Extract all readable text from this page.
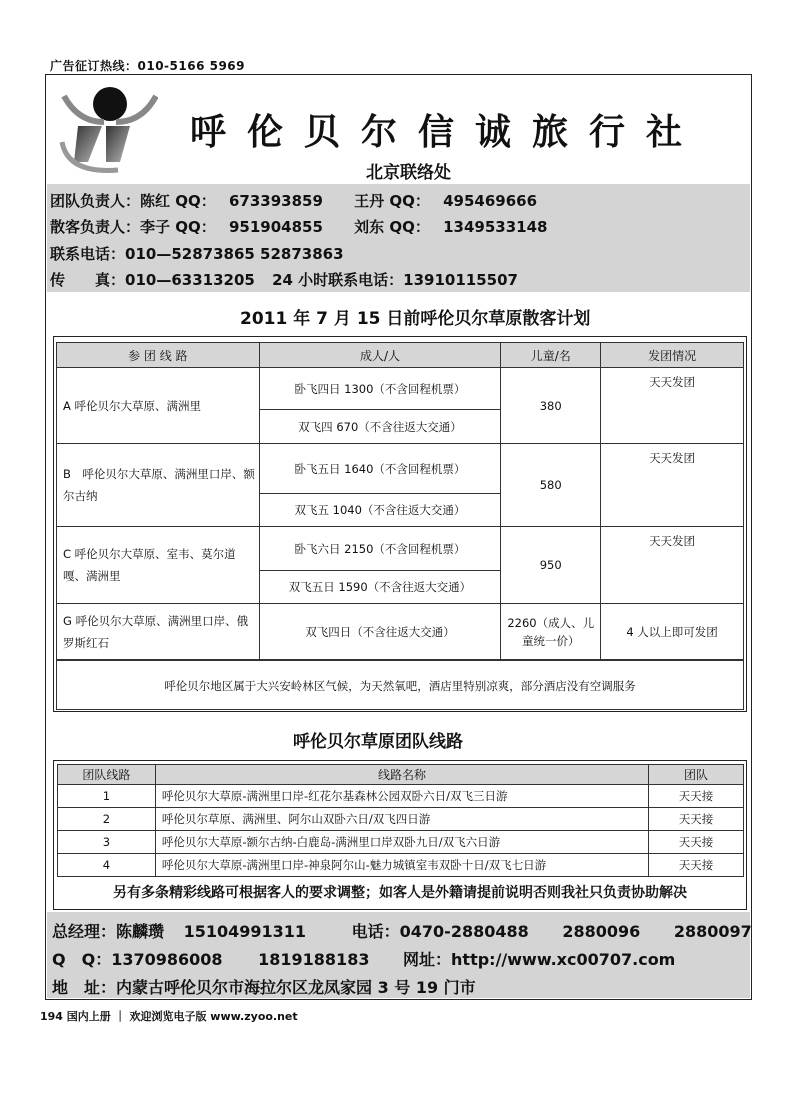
广告征订热线：010-5166 5969
呼伦贝尔信诚旅行社
北京联络处
团队负责人：陈红 QQ： 673393859 王丹 QQ： 495469666
散客负责人：李子 QQ： 951904855 刘东 QQ： 1349533148
联系电话：010—52873865 52873863
传　　真：010—63313205 24 小时联系电话：13910115507
2011 年 7 月 15 日前呼伦贝尔草原散客计划
参 团 线 路	成人/人	儿童/名	发团情况
A 呼伦贝尔大草原、满洲里	卧飞四日 1300（不含回程机票）	380	天天发团
	双飞四 670（不含往返大交通）		
B　呼伦贝尔大草原、满洲里口岸、额尔古纳	卧飞五日 1640（不含回程机票）	580	天天发团
	双飞五 1040（不含往返大交通）		
C 呼伦贝尔大草原、室韦、莫尔道嘎、满洲里	卧飞六日 2150（不含回程机票）	950	天天发团
	双飞五日 1590（不含往返大交通）		
G 呼伦贝尔大草原、满洲里口岸、俄罗斯红石	双飞四日（不含往返大交通）	2260（成人、儿童统一价）	4 人以上即可发团
呼伦贝尔地区属于大兴安岭林区气候，为天然氧吧，酒店里特别凉爽，部分酒店没有空调服务
呼伦贝尔草原团队线路
团队线路	线路名称	团队
1	呼伦贝尔大草原-满洲里口岸-红花尔基森林公园双卧六日/双飞三日游	天天接
2	呼伦贝尔草原、满洲里、阿尔山双卧六日/双飞四日游	天天接
3	呼伦贝尔大草原-额尔古纳-白鹿岛-满洲里口岸双卧九日/双飞六日游	天天接
4	呼伦贝尔大草原-满洲里口岸-神泉阿尔山-魅力城镇室韦双卧十日/双飞七日游	天天接
另有多条精彩线路可根据客人的要求调整；如客人是外籍请提前说明否则我社只负责协助解决
总经理：陈麟瓒 15104991311	电话：0470-2880488 2880096 2880097
Q　Q：1370986008 1819188183 网址：http://www.xc00707.com
地　址：内蒙古呼伦贝尔市海拉尔区龙凤家园 3 号 19 门市
194 国内上册 ｜ 欢迎浏览电子版 www.zyoo.net
